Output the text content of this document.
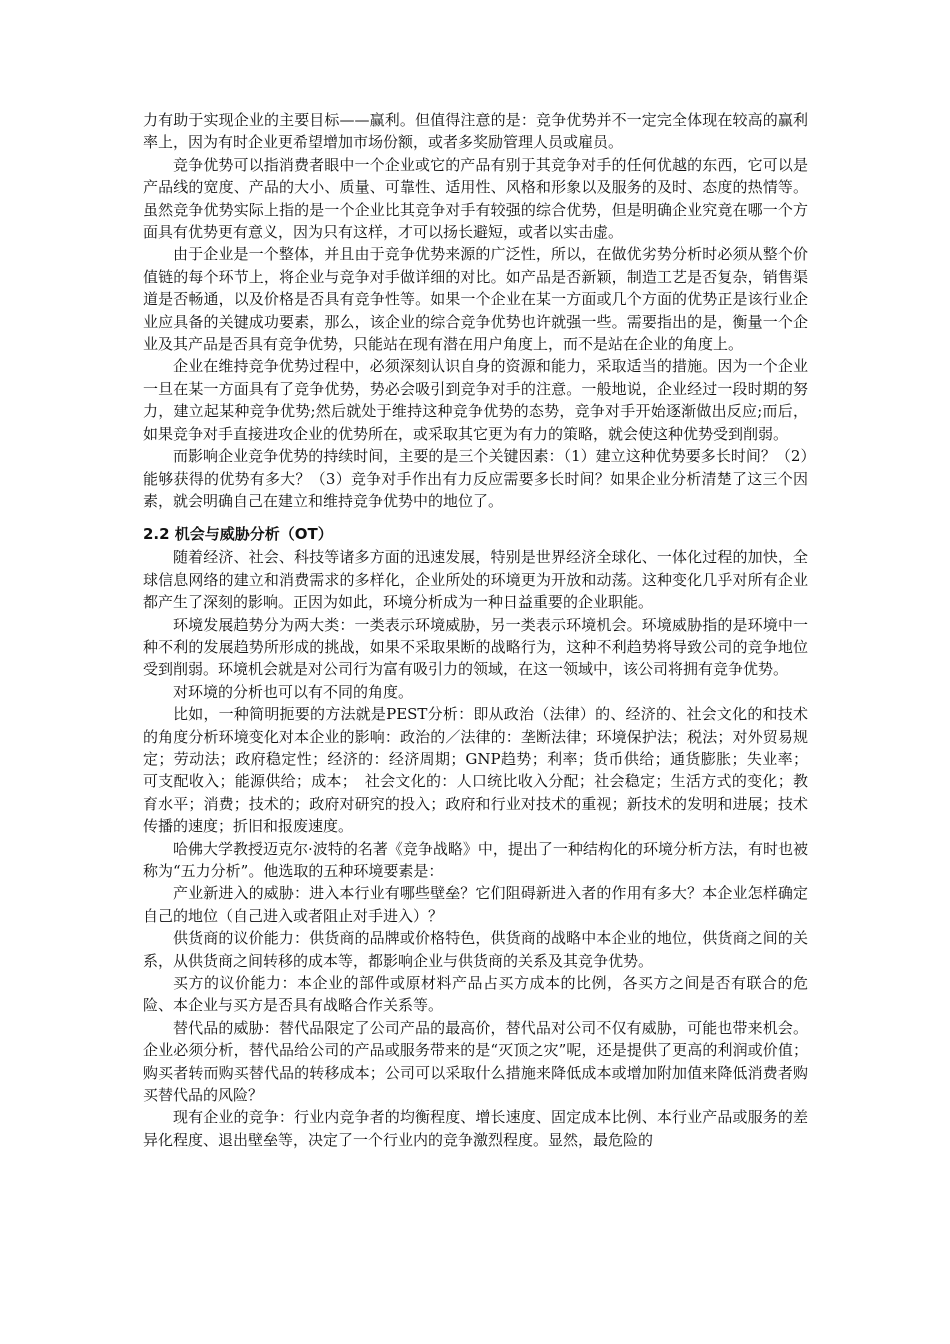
力有助于实现企业的主要目标——赢利。但值得注意的是：竞争优势并不一定完全体现在较高的赢利率上，因为有时企业更希望增加市场份额，或者多奖励管理人员或雇员。

竞争优势可以指消费者眼中一个企业或它的产品有别于其竞争对手的任何优越的东西，它可以是产品线的宽度、产品的大小、质量、可靠性、适用性、风格和形象以及服务的及时、态度的热情等。虽然竞争优势实际上指的是一个企业比其竞争对手有较强的综合优势，但是明确企业究竟在哪一个方面具有优势更有意义，因为只有这样，才可以扬长避短，或者以实击虚。

由于企业是一个整体，并且由于竞争优势来源的广泛性，所以，在做优劣势分析时必须从整个价值链的每个环节上，将企业与竞争对手做详细的对比。如产品是否新颖，制造工艺是否复杂，销售渠道是否畅通，以及价格是否具有竞争性等。如果一个企业在某一方面或几个方面的优势正是该行业企业应具备的关键成功要素，那么，该企业的综合竞争优势也许就强一些。需要指出的是，衡量一个企业及其产品是否具有竞争优势，只能站在现有潜在用户角度上，而不是站在企业的角度上。

企业在维持竞争优势过程中，必须深刻认识自身的资源和能力，采取适当的措施。因为一个企业一旦在某一方面具有了竞争优势，势必会吸引到竞争对手的注意。一般地说，企业经过一段时期的努力，建立起某种竞争优势;然后就处于维持这种竞争优势的态势，竞争对手开始逐渐做出反应;而后，如果竞争对手直接进攻企业的优势所在，或采取其它更为有力的策略，就会使这种优势受到削弱。

而影响企业竞争优势的持续时间，主要的是三个关键因素：（1）建立这种优势要多长时间？（2）能够获得的优势有多大？（3）竞争对手作出有力反应需要多长时间？如果企业分析清楚了这三个因素，就会明确自己在建立和维持竞争优势中的地位了。

2.2 机会与威胁分析（OT）

随着经济、社会、科技等诸多方面的迅速发展，特别是世界经济全球化、一体化过程的加快，全球信息网络的建立和消费需求的多样化，企业所处的环境更为开放和动荡。这种变化几乎对所有企业都产生了深刻的影响。正因为如此，环境分析成为一种日益重要的企业职能。

环境发展趋势分为两大类：一类表示环境威胁，另一类表示环境机会。环境威胁指的是环境中一种不利的发展趋势所形成的挑战，如果不采取果断的战略行为，这种不利趋势将导致公司的竞争地位受到削弱。环境机会就是对公司行为富有吸引力的领域，在这一领域中，该公司将拥有竞争优势。

对环境的分析也可以有不同的角度。

比如，一种简明扼要的方法就是PEST分析：即从政治（法律）的、经济的、社会文化的和技术的角度分析环境变化对本企业的影响：政治的／法律的：垄断法律；环境保护法；税法；对外贸易规定；劳动法；政府稳定性；经济的：经济周期；GNP趋势；利率；货币供给；通货膨胀；失业率；可支配收入；能源供给；成本；　社会文化的：人口统比收入分配；社会稳定；生活方式的变化；教育水平；消费；技术的；政府对研究的投入；政府和行业对技术的重视；新技术的发明和进展；技术传播的速度；折旧和报废速度。

哈佛大学教授迈克尔·波特的名著《竞争战略》中，提出了一种结构化的环境分析方法，有时也被称为“五力分析”。他选取的五种环境要素是：

产业新进入的威胁：进入本行业有哪些壁垒？它们阻碍新进入者的作用有多大？本企业怎样确定自己的地位（自己进入或者阻止对手进入）？

供货商的议价能力：供货商的品牌或价格特色，供货商的战略中本企业的地位，供货商之间的关系，从供货商之间转移的成本等，都影响企业与供货商的关系及其竞争优势。

买方的议价能力：本企业的部件或原材料产品占买方成本的比例，各买方之间是否有联合的危险、本企业与买方是否具有战略合作关系等。

替代品的威胁：替代品限定了公司产品的最高价，替代品对公司不仅有威胁，可能也带来机会。企业必须分析，替代品给公司的产品或服务带来的是“灭顶之灾”呢，还是提供了更高的利润或价值；购买者转而购买替代品的转移成本；公司可以采取什么措施来降低成本或增加附加值来降低消费者购买替代品的风险？

现有企业的竞争：行业内竞争者的均衡程度、增长速度、固定成本比例、本行业产品或服务的差异化程度、退出壁垒等，决定了一个行业内的竞争激烈程度。显然，最危险的
